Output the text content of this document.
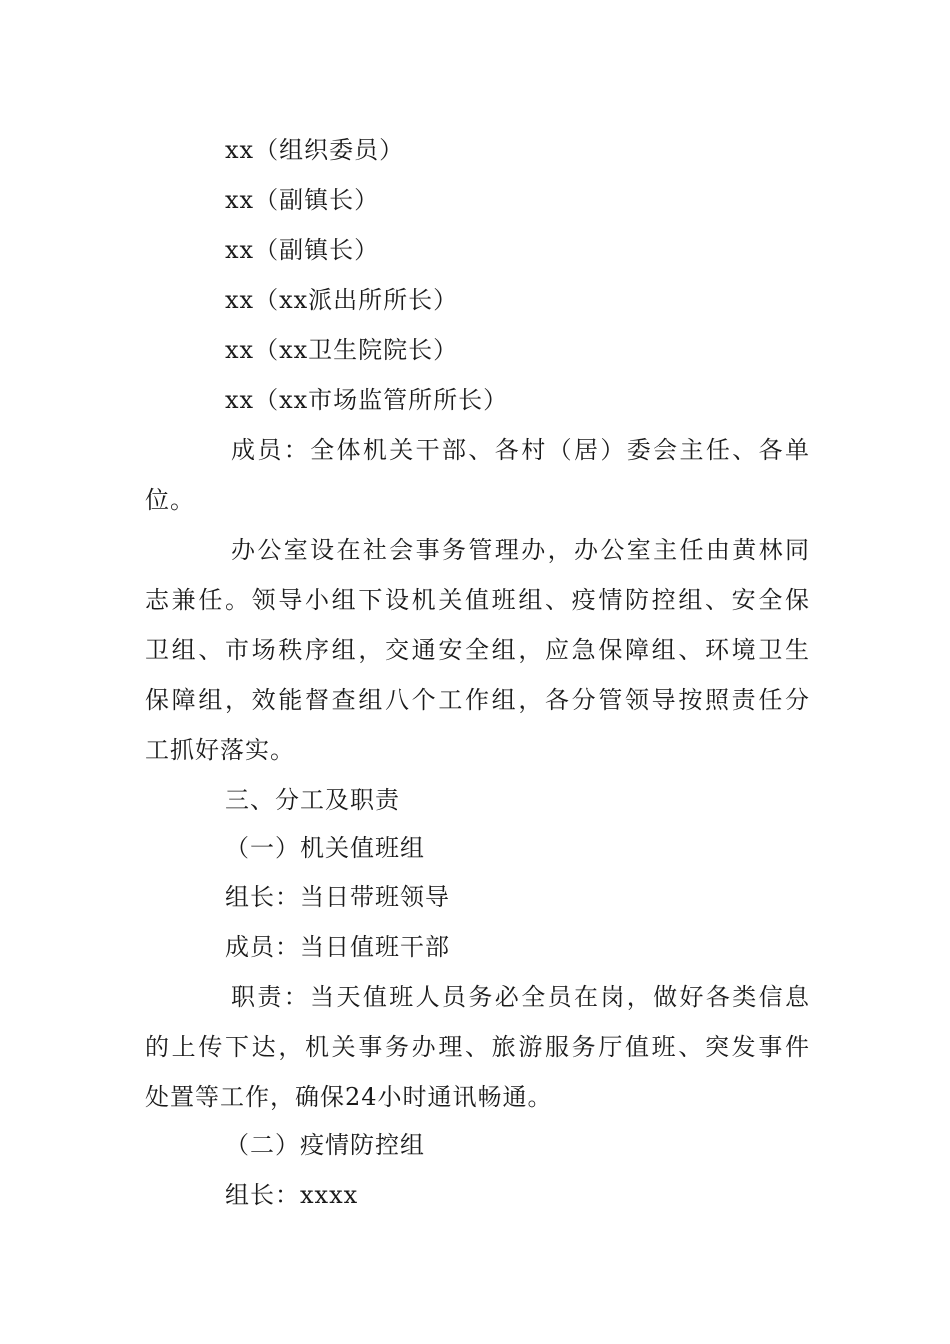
xx（组织委员）
xx（副镇长）
xx（副镇长）
xx（xx派出所所长）
xx（xx卫生院院长）
xx（xx市场监管所所长）
成员：全体机关干部、各村（居）委会主任、各单
位。
办公室设在社会事务管理办，办公室主任由黄林同
志兼任。领导小组下设机关值班组、疫情防控组、安全保
卫组、市场秩序组，交通安全组，应急保障组、环境卫生
保障组，效能督查组八个工作组，各分管领导按照责任分
工抓好落实。
三、分工及职责
（一）机关值班组
组长：当日带班领导
成员：当日值班干部
职责：当天值班人员务必全员在岗，做好各类信息
的上传下达，机关事务办理、旅游服务厅值班、突发事件
处置等工作，确保24小时通讯畅通。
（二）疫情防控组
组长：xxxx
